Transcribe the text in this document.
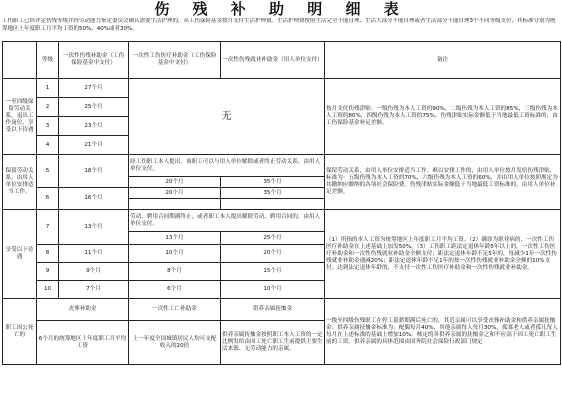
伤 残 补 助 明 细 表
工伤职工已经评定伤残等级并经劳动能力鉴定委员会确认需要生活护理的，从工伤保险基金按月支付生活护理费。生活护理费按照生活完全不能自理、生活大部分不能自理或者生活部分不能自理3个不同等级支付，其标准分别为统筹地区上年度职工月平均工资的50%、40%或者30%。
	等级	一次性伤残补助金（工伤保险基金中支付）	一次性工伤医疗补助金（工伤保险基金中支付）	一次性伤残就业补助金（用人单位支付）	备注
一至四级保留劳动关系，退出工作岗位，享受以下待遇	1	27个月	无		按月支付伤残津贴：一级伤残为本人工资的90%，二级伤残为本人工资的85%，三级伤残为本人工资的80%，四级伤残为本人工资的75%。伤残津贴实际金额低于当地最低工资标准的，由工伤保险基金补足差额。
	2	25个月			
	3	23个月			
	4	21个月			
保留劳动关系，由用人单位安排适当工作。	5	18个月	经工伤职工本人提出，该职工可以与用人单位解除或者终止劳动关系，由用人单位支付。		保留劳动关系，由用人单位安排适当工作。难以安排工作的，由用人单位按月发给伤残津贴，标准为：五级伤残为本人工资的70%，六级伤残为本人工资的60%，并由用人单位按照规定为其缴纳应缴纳的各项社会保险费。伤残津贴实际金额低于当地最低工资标准的，由用人单位补足差额。
			20个月	35个月	
	6	16个月	20个月	35个月	

享受以下待遇	7	13个月	劳动、聘用合同期满终止，或者职工本人提出解除劳动、聘用合同的，由用人单位支付。		（1）所指的本人工资为统筹地区上年度职工月平均工资。（2）确诊为职业病的，一次性工伤医疗补助金在上述基础上加发50%。（3）工伤职工距法定退休年龄5年以上的，一次性工伤医疗补助金和一次性伤残就业补助金全额支付；距法定退休年龄不足5年的，每减少1年一次性伤残就业补助金递减20%；距法定退休年龄不足1年的按一次性伤残就业补助金全额的10%支付；达到法定退休年龄的，不支付一次性工伤医疗补助金和一次性伤残就业补助金。
			13个月	25个月	
	8	11个月	10个月	20个月	
	9	9个月	8个月	15个月	
	10	7个月	6个月	10个月	
职工因公死亡的	丧葬补助金		一次性工亡补助金	供养亲属抚恤金	一级至四级伤残职工在停工留薪期满后死亡的，其近亲属可以享受丧葬补助金和供养亲属抚恤金。供养亲属抚恤金标准为：配偶每月40%，其他亲属每人每月30%，孤寡老人或者孤儿每人每月在上述标准的基础上增加10%。核定的各供养亲属的抚恤金之和不应高于因工死亡职工生前的工资。供养亲属的具体范围由国务院社会保险行政部门规定
	6个月的统筹地区上年度职工月平均工资		上一年度全国城镇居民人均可支配收入的20倍	供养亲属抚恤金按照职工本人工资的一定比例发给由因工死亡职工生前提供主要生活来源、无劳动能力的亲属。	
